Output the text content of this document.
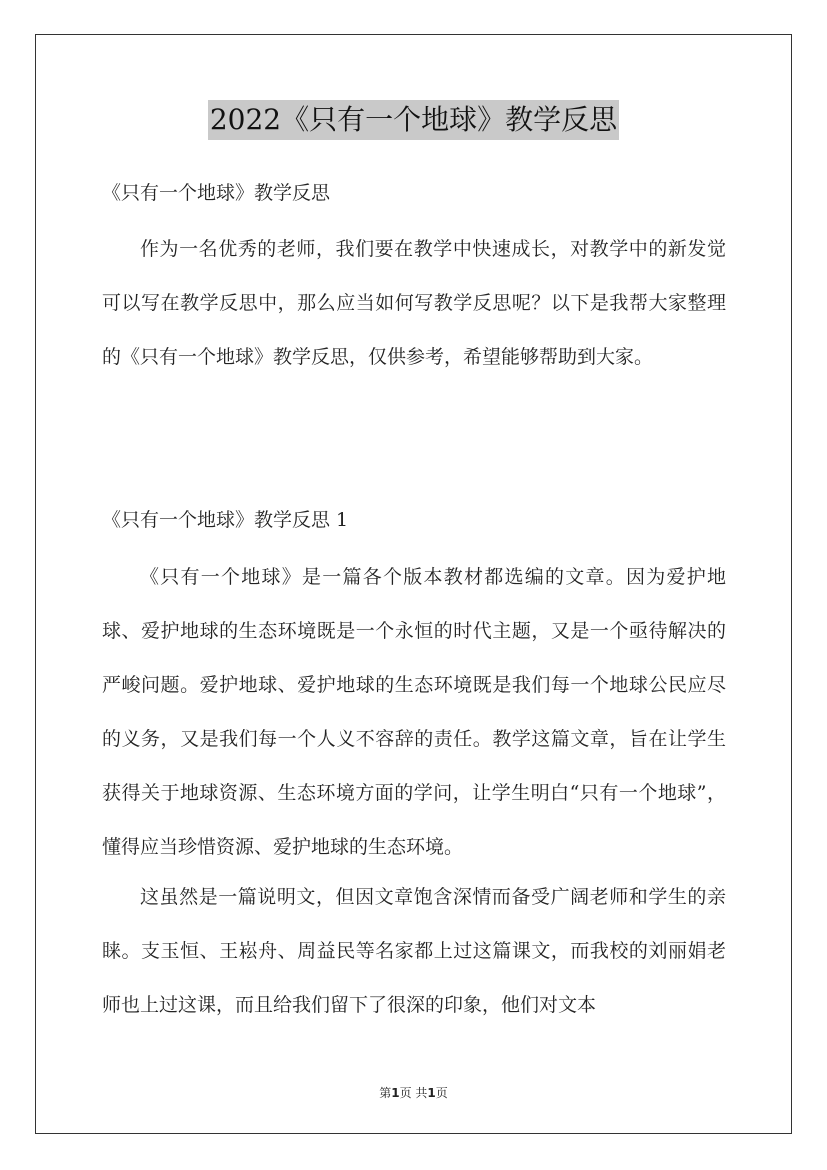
2022《只有一个地球》教学反思

《只有一个地球》教学反思

作为一名优秀的老师，我们要在教学中快速成长，对教学中的新发觉可以写在教学反思中，那么应当如何写教学反思呢？以下是我帮大家整理的《只有一个地球》教学反思，仅供参考，希望能够帮助到大家。

《只有一个地球》教学反思 1

《只有一个地球》是一篇各个版本教材都选编的文章。因为爱护地球、爱护地球的生态环境既是一个永恒的时代主题，又是一个亟待解决的严峻问题。爱护地球、爱护地球的生态环境既是我们每一个地球公民应尽的义务，又是我们每一个人义不容辞的责任。教学这篇文章，旨在让学生获得关于地球资源、生态环境方面的学问，让学生明白“只有一个地球”，懂得应当珍惜资源、爱护地球的生态环境。

这虽然是一篇说明文，但因文章饱含深情而备受广阔老师和学生的亲睐。支玉恒、王崧舟、周益民等名家都上过这篇课文，而我校的刘丽娟老师也上过这课，而且给我们留下了很深的印象，他们对文本

第1页 共1页
